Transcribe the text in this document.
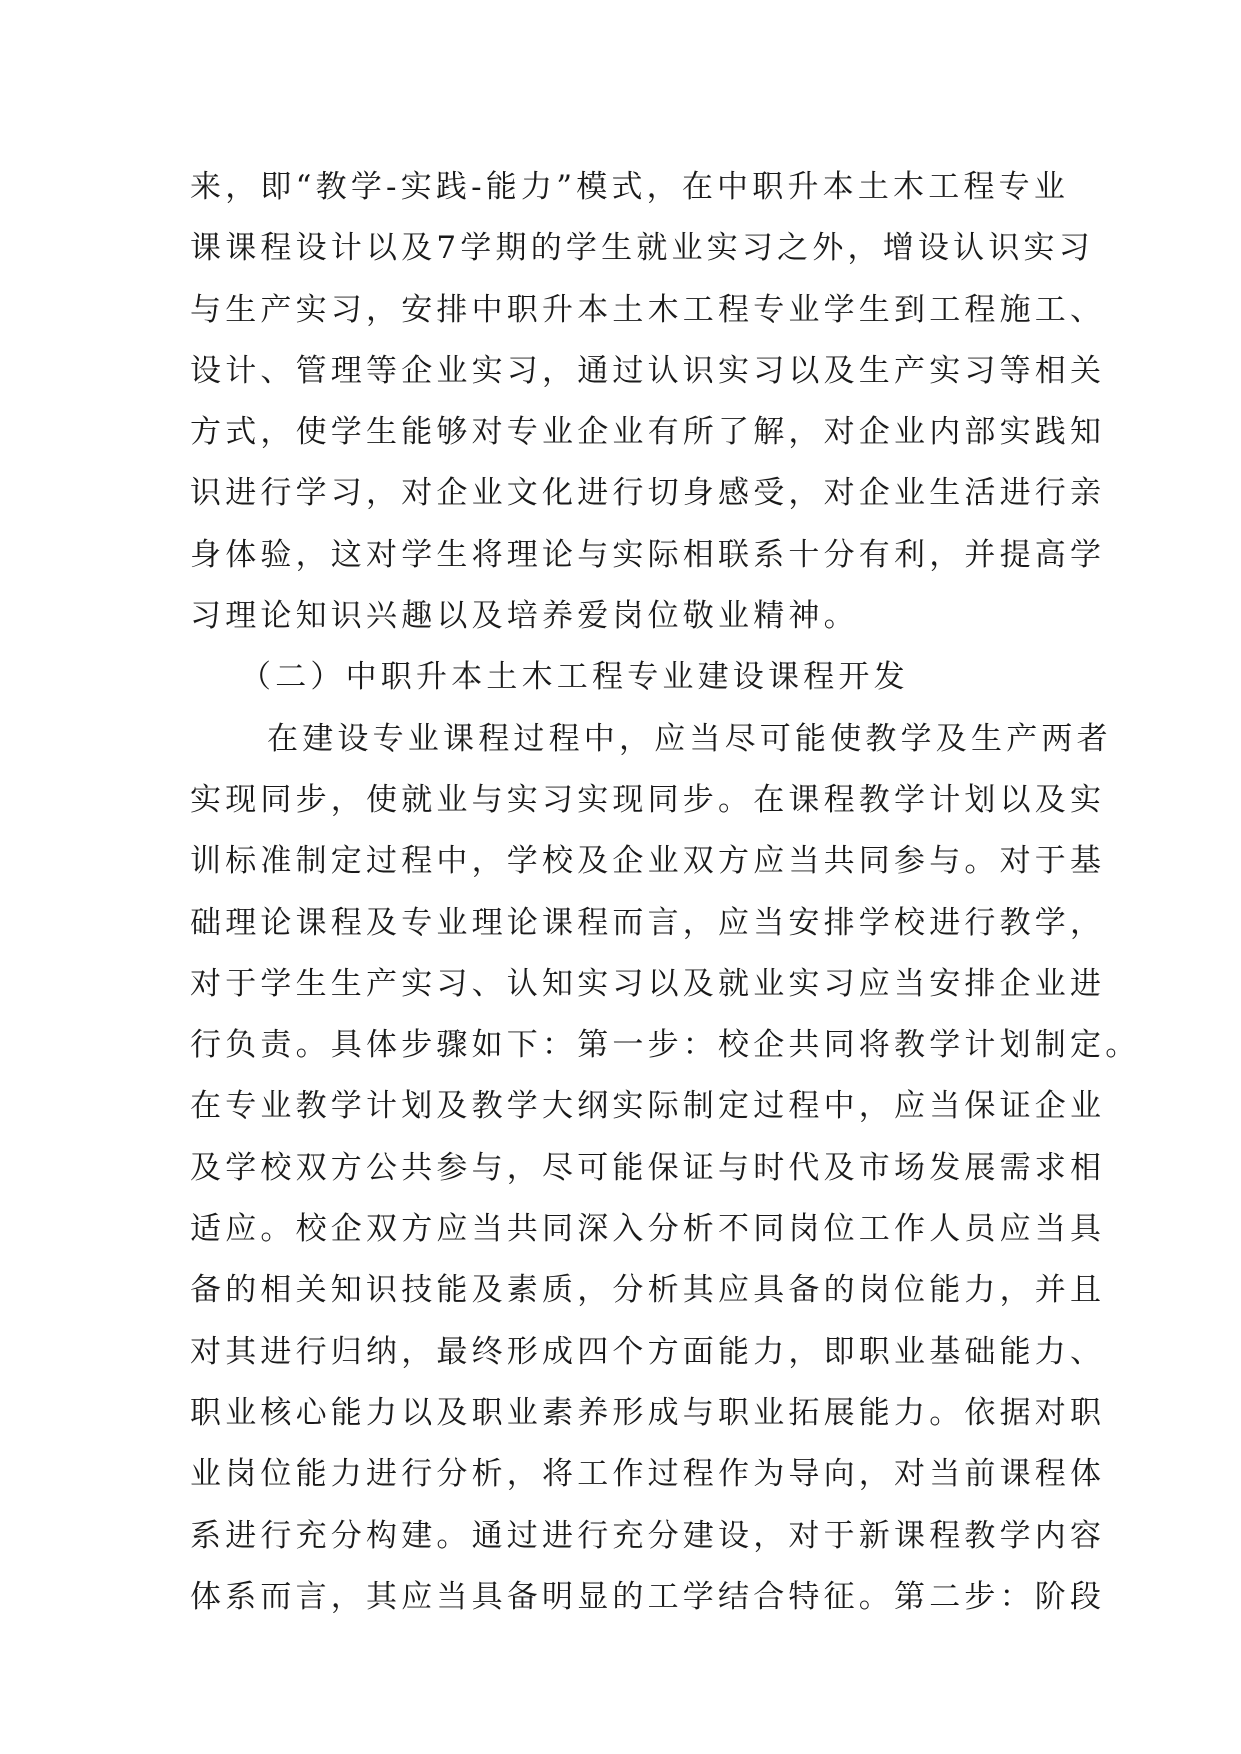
来，即“教学-实践-能力”模式，在中职升本土木工程专业
课课程设计以及7学期的学生就业实习之外，增设认识实习
与生产实习，安排中职升本土木工程专业学生到工程施工、
设计、管理等企业实习，通过认识实习以及生产实习等相关
方式，使学生能够对专业企业有所了解，对企业内部实践知
识进行学习，对企业文化进行切身感受，对企业生活进行亲
身体验，这对学生将理论与实际相联系十分有利，并提高学
习理论知识兴趣以及培养爱岗位敬业精神。
（二）中职升本土木工程专业建设课程开发
在建设专业课程过程中，应当尽可能使教学及生产两者
实现同步，使就业与实习实现同步。在课程教学计划以及实
训标准制定过程中，学校及企业双方应当共同参与。对于基
础理论课程及专业理论课程而言，应当安排学校进行教学，
对于学生生产实习、认知实习以及就业实习应当安排企业进
行负责。具体步骤如下：第一步：校企共同将教学计划制定。
在专业教学计划及教学大纲实际制定过程中，应当保证企业
及学校双方公共参与，尽可能保证与时代及市场发展需求相
适应。校企双方应当共同深入分析不同岗位工作人员应当具
备的相关知识技能及素质，分析其应具备的岗位能力，并且
对其进行归纳，最终形成四个方面能力，即职业基础能力、
职业核心能力以及职业素养形成与职业拓展能力。依据对职
业岗位能力进行分析，将工作过程作为导向，对当前课程体
系进行充分构建。通过进行充分建设，对于新课程教学内容
体系而言，其应当具备明显的工学结合特征。第二步：阶段
